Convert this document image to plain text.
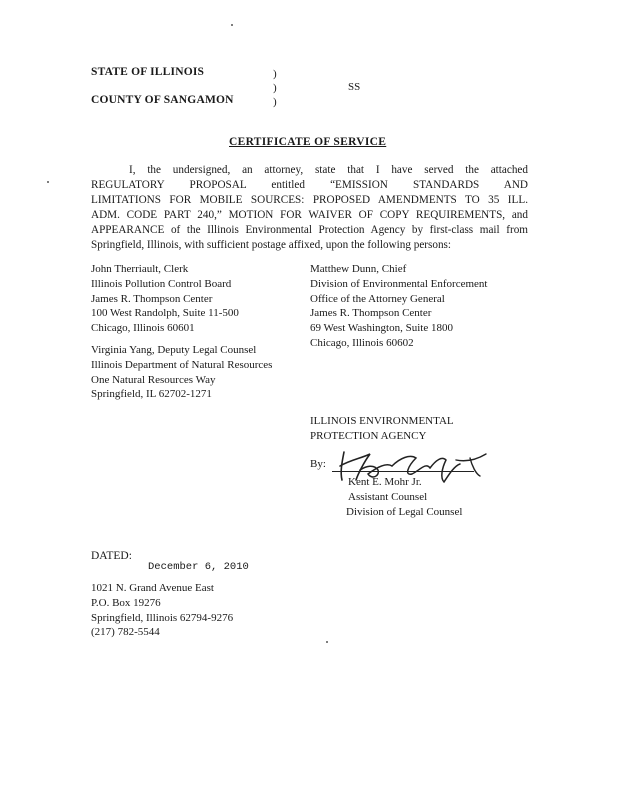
STATE OF ILLINOIS
COUNTY OF SANGAMON
)
)
)
SS
CERTIFICATE OF SERVICE
I, the undersigned, an attorney, state that I have served the attached
REGULATORY PROPOSAL entitled “EMISSION STANDARDS AND
LIMITATIONS FOR MOBILE SOURCES: PROPOSED AMENDMENTS TO 35 ILL.
ADM. CODE PART 240,” MOTION FOR WAIVER OF COPY REQUIREMENTS, and
APPEARANCE of the Illinois Environmental Protection Agency by first-class mail from
Springfield, Illinois, with sufficient postage affixed, upon the following persons:
John Therriault, Clerk
Illinois Pollution Control Board
James R. Thompson Center
100 West Randolph, Suite 11-500
Chicago, Illinois 60601
Matthew Dunn, Chief
Division of Environmental Enforcement
Office of the Attorney General
James R. Thompson Center
69 West Washington, Suite 1800
Chicago, Illinois 60602
Virginia Yang, Deputy Legal Counsel
Illinois Department of Natural Resources
One Natural Resources Way
Springfield, IL 62702-1271
ILLINOIS ENVIRONMENTAL
PROTECTION AGENCY
By:
Kent E. Mohr Jr.
Assistant Counsel
Division of Legal Counsel
DATED:
December 6, 2010
1021 N. Grand Avenue East
P.O. Box 19276
Springfield, Illinois 62794-9276
(217) 782-5544
